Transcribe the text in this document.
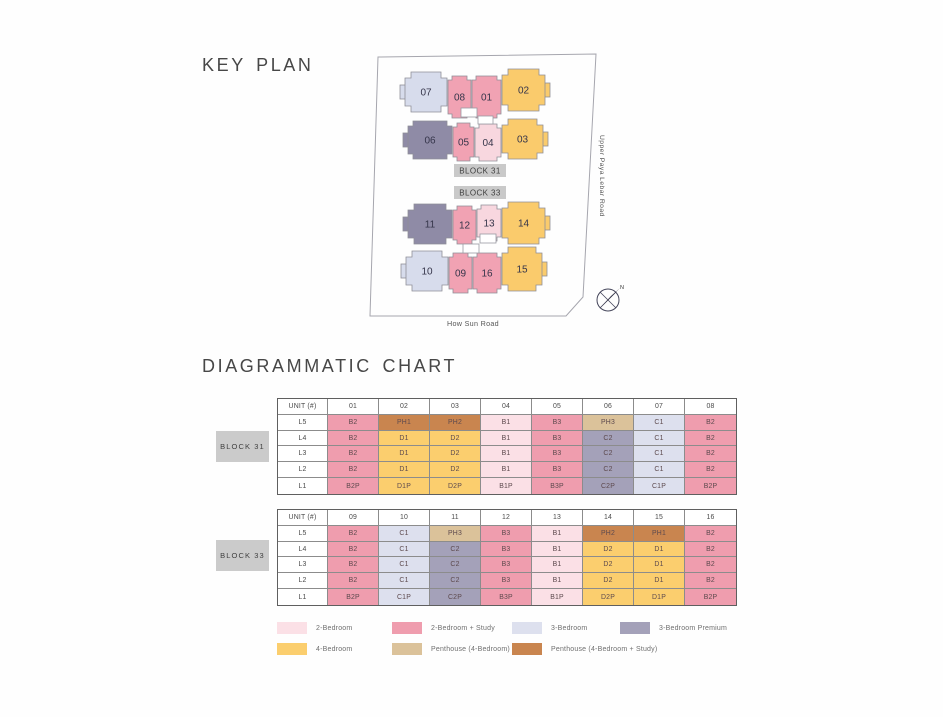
KEY PLAN
DIAGRAMMATIC CHART
07 08 01
02
06 05 04 03
11 12 13 14
10 09 16 15
BLOCK 31
BLOCK 33	Upper Paya Lebar Road
How Sun Road
N
BLOCK 31
UNIT (#)	01	02	03	04	05	06	07	08
L5	B2	PH1	PH2	B1	B3	PH3	C1	B2
L4	B2	D1	D2	B1	B3	C2	C1	B2
L3	B2	D1	D2	B1	B3	C2	C1	B2
L2	B2	D1	D2	B1	B3	C2	C1	B2
L1	B2P	D1P	D2P	B1P	B3P	C2P	C1P	B2P
BLOCK 33
UNIT (#)	09	10	11	12	13	14	15	16
L5	B2	C1	PH3	B3	B1	PH2	PH1	B2
L4	B2	C1	C2	B3	B1	D2	D1	B2
L3	B2	C1	C2	B3	B1	D2	D1	B2
L2	B2	C1	C2	B3	B1	D2	D1	B2
L1	B2P	C1P	C2P	B3P	B1P	D2P	D1P	B2P
2-Bedroom	2-Bedroom + Study	3-Bedroom	3-Bedroom Premium
4-Bedroom	Penthouse (4-Bedroom)	Penthouse (4-Bedroom + Study)
